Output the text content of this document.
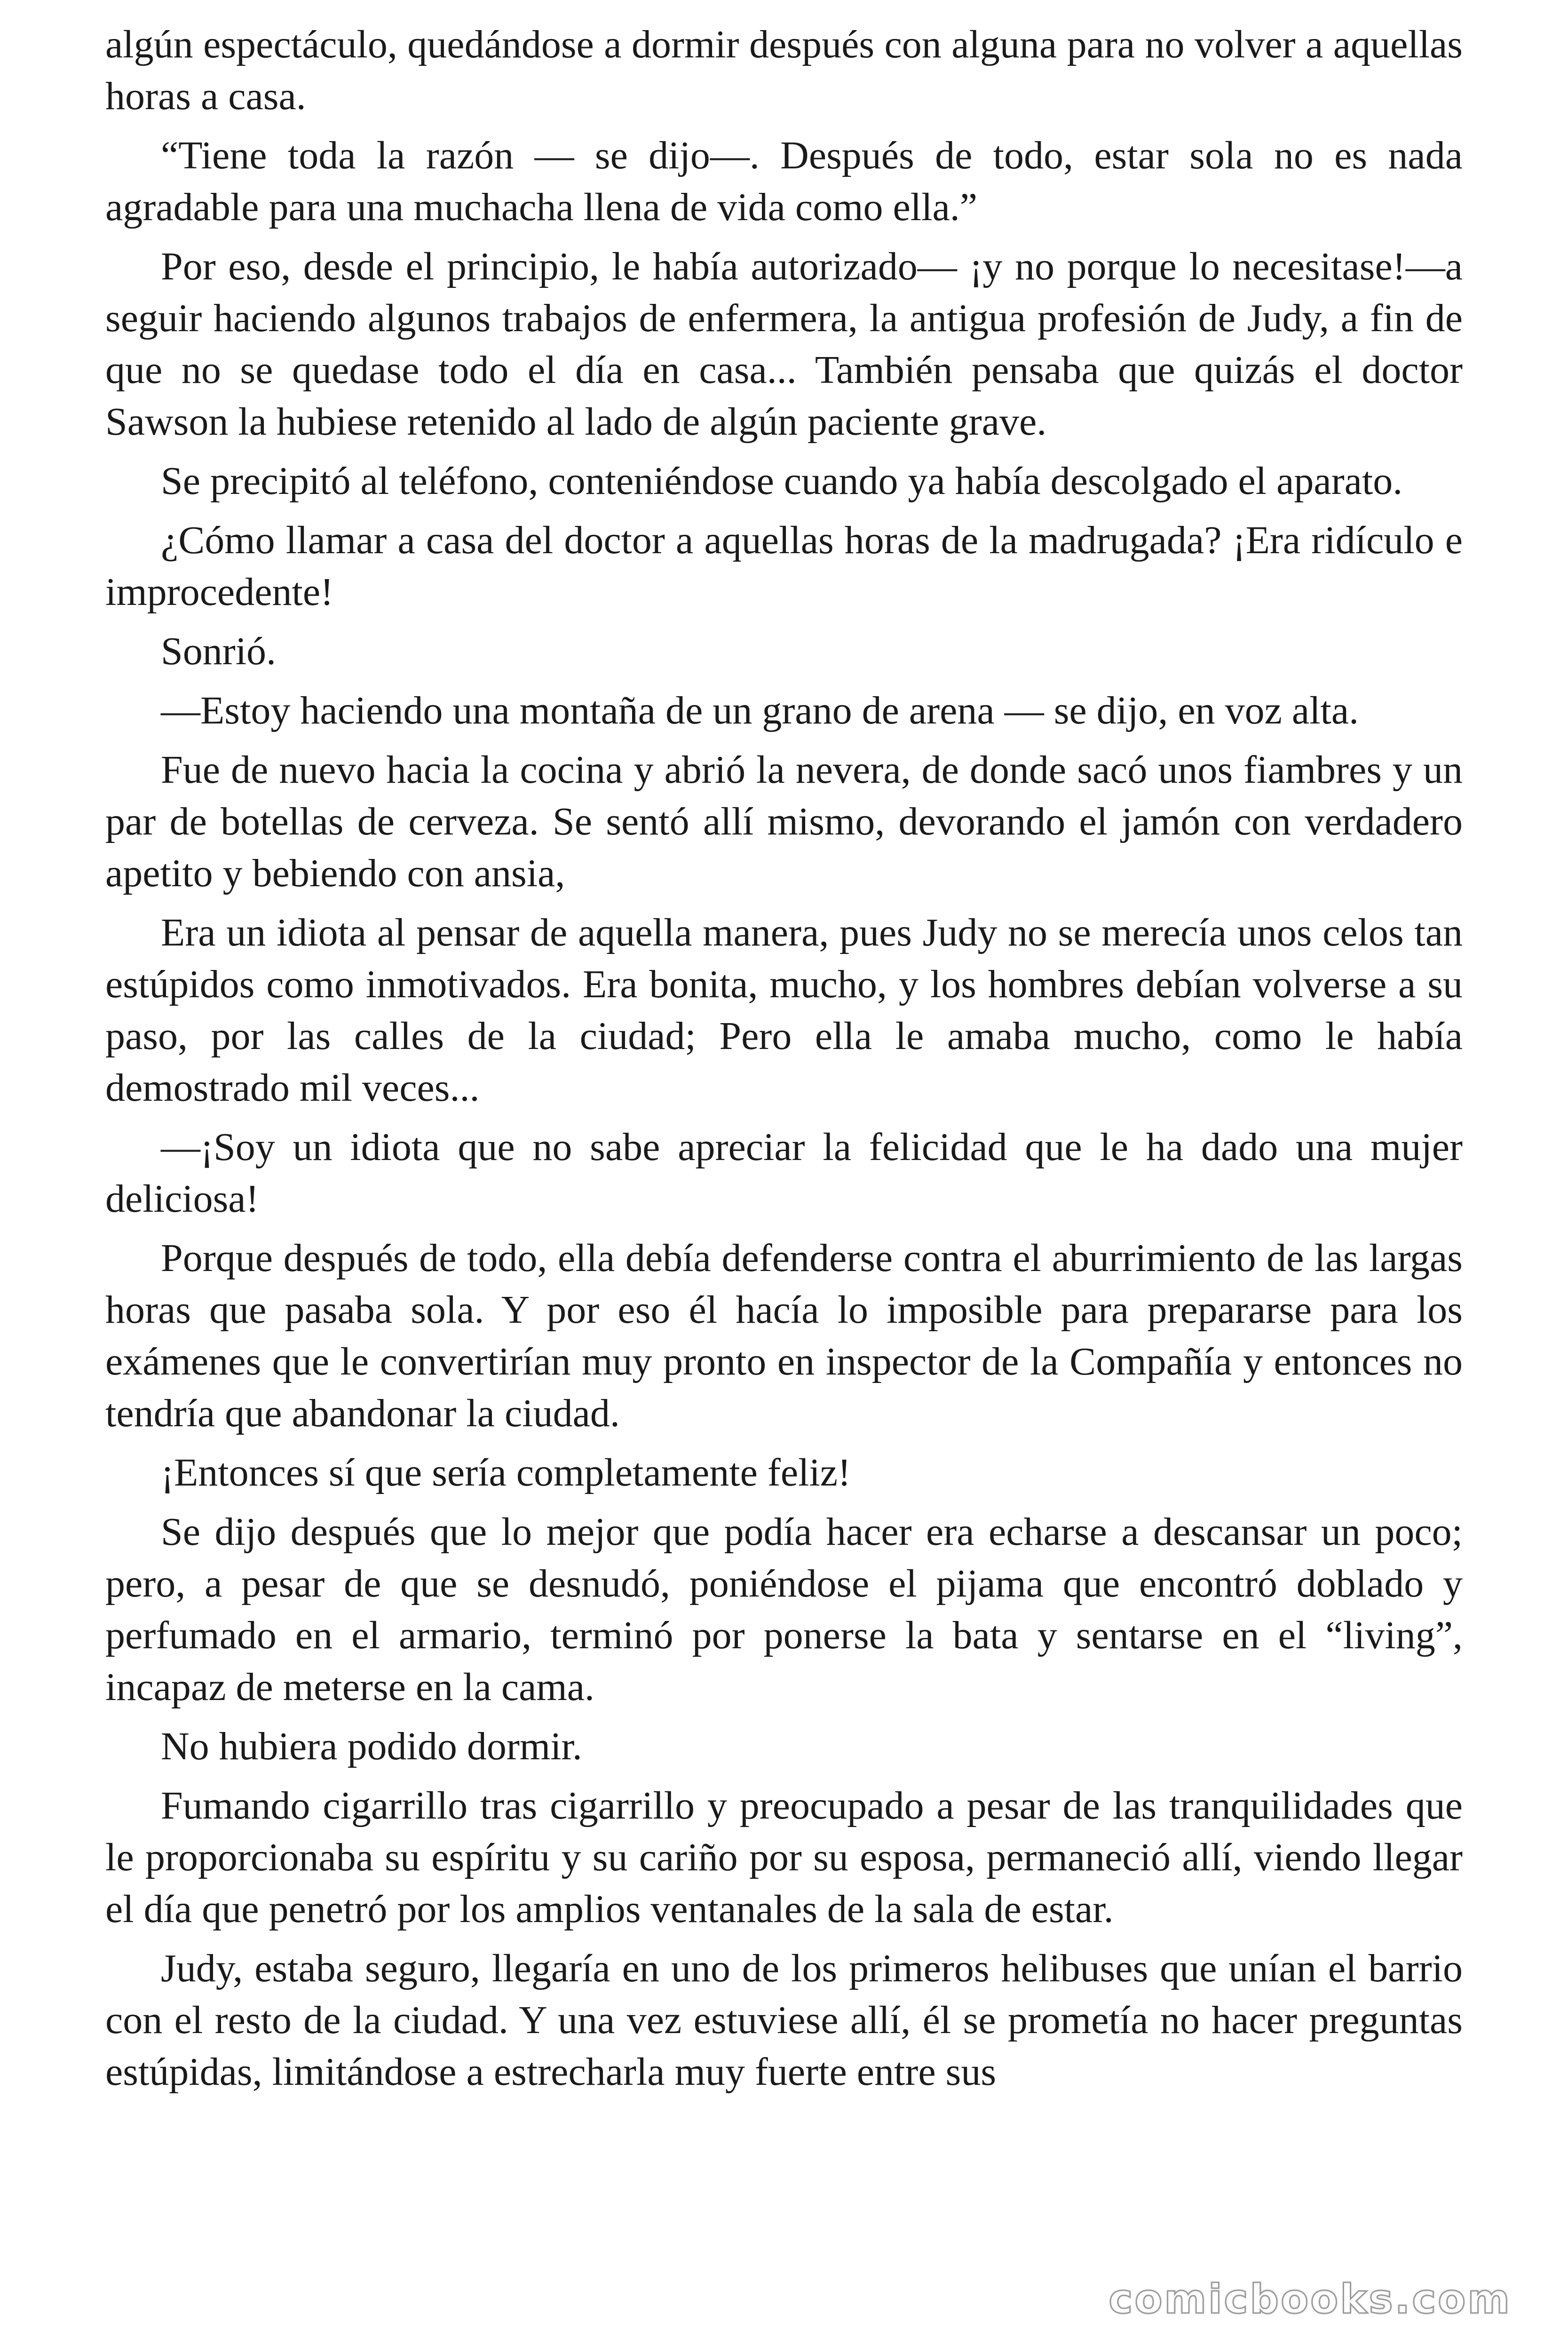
algún espectáculo, quedándose a dormir después con alguna para no volver a aquellas horas a casa.

“Tiene toda la razón — se dijo—. Después de todo, estar sola no es nada agradable para una muchacha llena de vida como ella.”

Por eso, desde el principio, le había autorizado— ¡y no porque lo necesitase!—a seguir haciendo algunos trabajos de enfermera, la antigua profesión de Judy, a fin de que no se quedase todo el día en casa... También pensaba que quizás el doctor Sawson la hubiese retenido al lado de algún paciente grave.

Se precipitó al teléfono, conteniéndose cuando ya había descolgado el aparato.

¿Cómo llamar a casa del doctor a aquellas horas de la madrugada? ¡Era ridículo e improcedente!

Sonrió.

—Estoy haciendo una montaña de un grano de arena — se dijo, en voz alta.

Fue de nuevo hacia la cocina y abrió la nevera, de donde sacó unos fiambres y un par de botellas de cerveza. Se sentó allí mismo, devorando el jamón con verdadero apetito y bebiendo con ansia,

Era un idiota al pensar de aquella manera, pues Judy no se merecía unos celos tan estúpidos como inmotivados. Era bonita, mucho, y los hombres debían volverse a su paso, por las calles de la ciudad; Pero ella le amaba mucho, como le había demostrado mil veces...

—¡Soy un idiota que no sabe apreciar la felicidad que le ha dado una mujer deliciosa!

Porque después de todo, ella debía defenderse contra el aburrimiento de las largas horas que pasaba sola. Y por eso él hacía lo imposible para prepararse para los exámenes que le convertirían muy pronto en inspector de la Compañía y entonces no tendría que abandonar la ciudad.

¡Entonces sí que sería completamente feliz!

Se dijo después que lo mejor que podía hacer era echarse a descansar un poco; pero, a pesar de que se desnudó, poniéndose el pijama que encontró doblado y perfumado en el armario, terminó por ponerse la bata y sentarse en el “living”, incapaz de meterse en la cama.

No hubiera podido dormir.

Fumando cigarrillo tras cigarrillo y preocupado a pesar de las tranquilidades que le proporcionaba su espíritu y su cariño por su esposa, permaneció allí, viendo llegar el día que penetró por los amplios ventanales de la sala de estar.

Judy, estaba seguro, llegaría en uno de los primeros helibuses que unían el barrio con el resto de la ciudad. Y una vez estuviese allí, él se prometía no hacer preguntas estúpidas, limitándose a estrecharla muy fuerte entre sus

comicbooks.com
